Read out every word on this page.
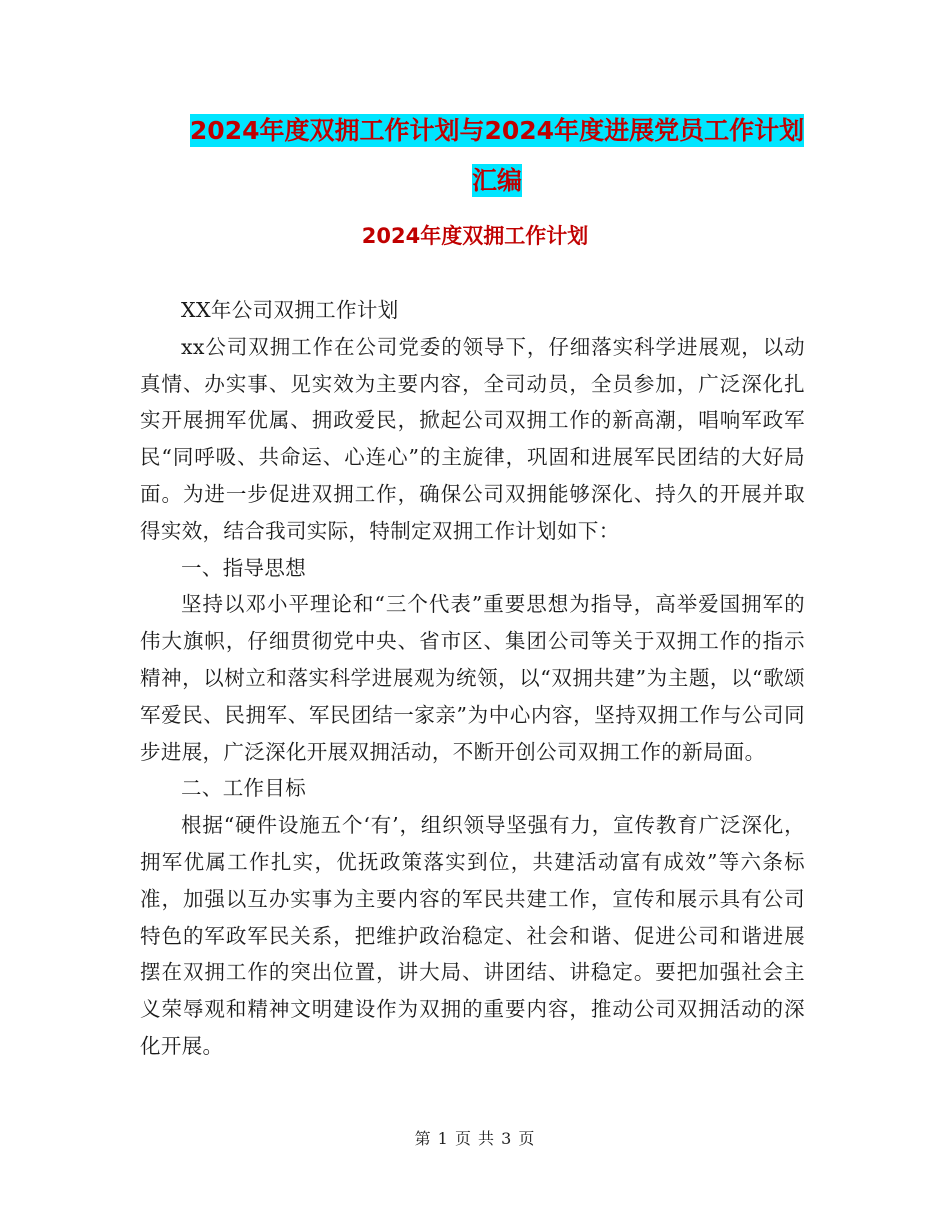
2024年度双拥工作计划与2024年度进展党员工作计划
汇编
2024年度双拥工作计划

XX年公司双拥工作计划

xx公司双拥工作在公司党委的领导下，仔细落实科学进展观，以动真情、办实事、见实效为主要内容，全司动员，全员参加，广泛深化扎实开展拥军优属、拥政爱民，掀起公司双拥工作的新高潮，唱响军政军民“同呼吸、共命运、心连心”的主旋律，巩固和进展军民团结的大好局面。为进一步促进双拥工作，确保公司双拥能够深化、持久的开展并取得实效，结合我司实际，特制定双拥工作计划如下：

一、指导思想

坚持以邓小平理论和“三个代表”重要思想为指导，高举爱国拥军的伟大旗帜，仔细贯彻党中央、省市区、集团公司等关于双拥工作的指示精神，以树立和落实科学进展观为统领，以“双拥共建”为主题，以“歌颂军爱民、民拥军、军民团结一家亲”为中心内容，坚持双拥工作与公司同步进展，广泛深化开展双拥活动，不断开创公司双拥工作的新局面。

二、工作目标

根据“硬件设施五个‘有’，组织领导坚强有力，宣传教育广泛深化，拥军优属工作扎实，优抚政策落实到位，共建活动富有成效”等六条标准，加强以互办实事为主要内容的军民共建工作，宣传和展示具有公司特色的军政军民关系，把维护政治稳定、社会和谐、促进公司和谐进展摆在双拥工作的突出位置，讲大局、讲团结、讲稳定。要把加强社会主义荣辱观和精神文明建设作为双拥的重要内容，推动公司双拥活动的深化开展。

第 1 页 共 3 页
